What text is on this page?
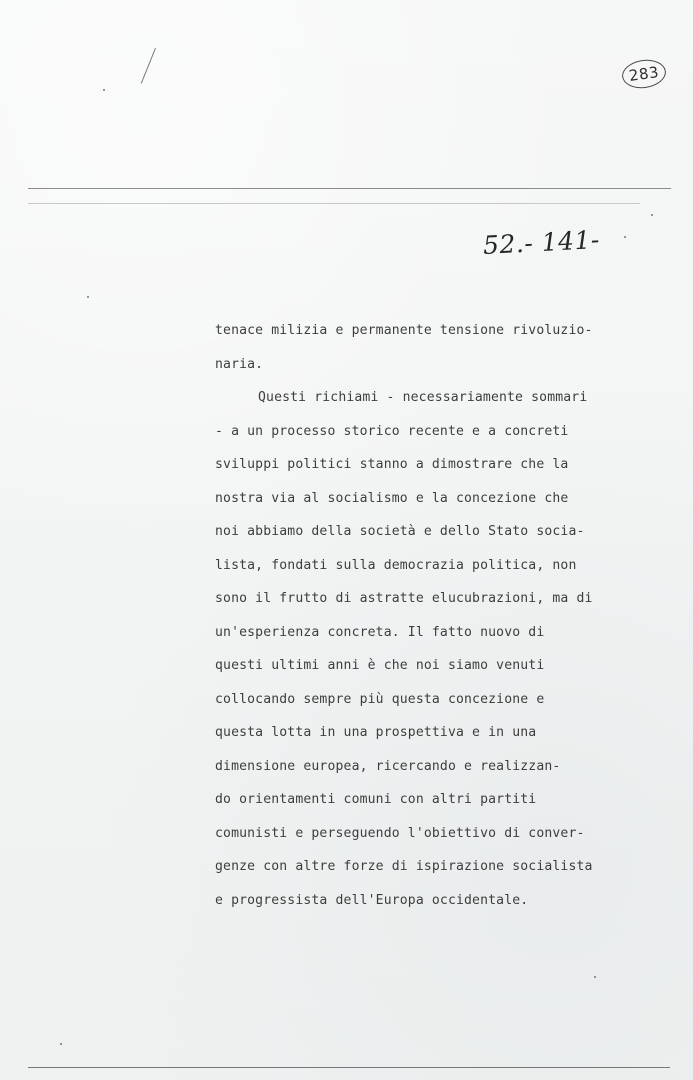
283
52.- 141-
tenace milizia e permanente tensione rivoluzio-
naria.
Questi richiami - necessariamente sommari
- a un processo storico recente e a concreti
sviluppi politici stanno a dimostrare che la
nostra via al socialismo e la concezione che
noi abbiamo della società e dello Stato socia-
lista, fondati sulla democrazia politica, non
sono il frutto di astratte elucubrazioni, ma di
un'esperienza concreta. Il fatto nuovo di
questi ultimi anni è che noi siamo venuti
collocando sempre più questa concezione e
questa lotta in una prospettiva e in una
dimensione europea, ricercando e realizzan-
do orientamenti comuni con altri partiti
comunisti e perseguendo l'obiettivo di conver-
genze con altre forze di ispirazione socialista
e progressista dell'Europa occidentale.
